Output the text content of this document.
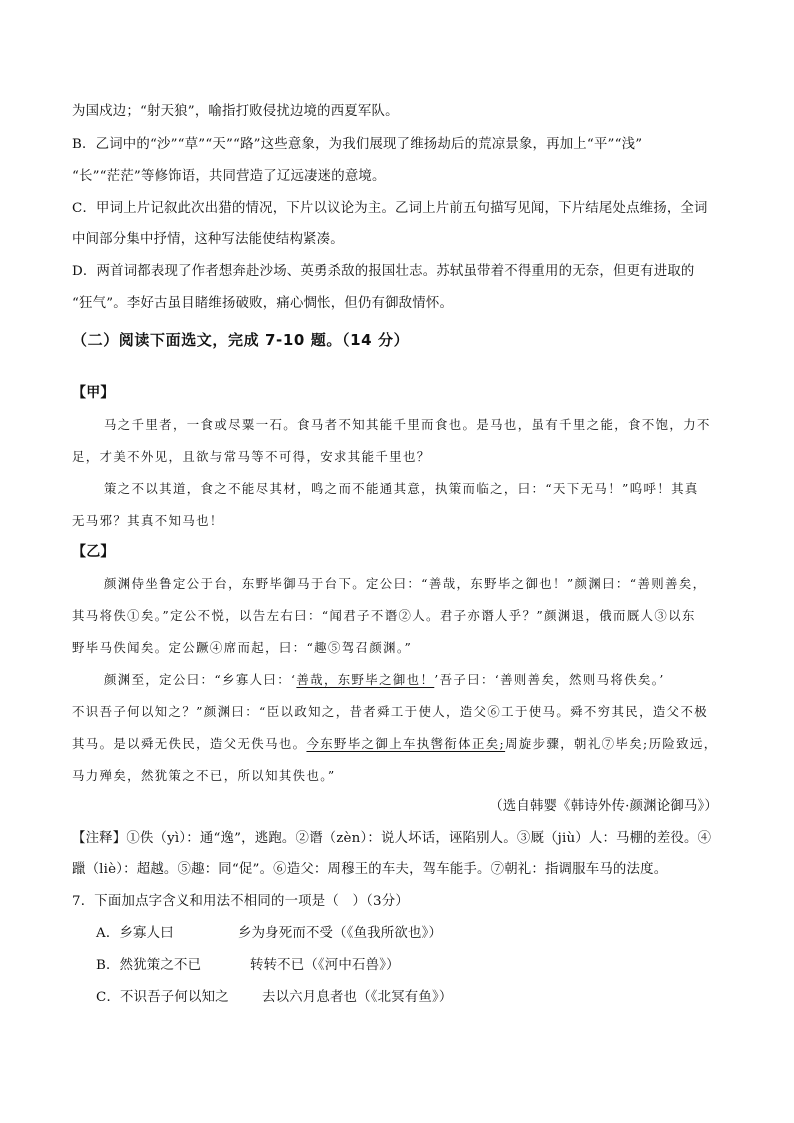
为国戍边；“射天狼”，喻指打败侵扰边境的西夏军队。
B．乙词中的“沙”“草”“天”“路”这些意象，为我们展现了维扬劫后的荒凉景象，再加上“平”“浅”
“长”“茫茫”等修饰语，共同营造了辽远凄迷的意境。
C．甲词上片记叙此次出猎的情况，下片以议论为主。乙词上片前五句描写见闻，下片结尾处点维扬，全词
中间部分集中抒情，这种写法能使结构紧凑。
D．两首词都表现了作者想奔赴沙场、英勇杀敌的报国壮志。苏轼虽带着不得重用的无奈，但更有进取的
“狂气”。李好古虽目睹维扬破败，痛心惆怅，但仍有御敌情怀。
（二）阅读下面选文，完成 7-10 题。（14 分）
【甲】
马之千里者，一食或尽粟一石。食马者不知其能千里而食也。是马也，虽有千里之能，食不饱，力不
足，才美不外见，且欲与常马等不可得，安求其能千里也？
策之不以其道，食之不能尽其材，鸣之而不能通其意，执策而临之，曰：“天下无马！”呜呼！其真
无马邪？其真不知马也！
【乙】
颜渊侍坐鲁定公于台，东野毕御马于台下。定公曰：“善哉，东野毕之御也！”颜渊曰：“善则善矣，
其马将佚①矣。”定公不悦，以告左右曰：“闻君子不谮②人。君子亦谮人乎？”颜渊退，俄而厩人③以东
野毕马佚闻矣。定公蹶④席而起，曰：“趣⑤驾召颜渊。”
颜渊至，定公曰：“乡寡人曰：‘善哉，东野毕之御也！’吾子曰：‘善则善矣，然则马将佚矣。’
不识吾子何以知之？”颜渊曰：“臣以政知之，昔者舜工于使人，造父⑥工于使马。舜不穷其民，造父不极
其马。是以舜无佚民，造父无佚马也。今东野毕之御上车执辔衔体正矣;周旋步骤，朝礼⑦毕矣;历险致远，
马力殚矣，然犹策之不已，所以知其佚也。”
（选自韩婴《韩诗外传·颜渊论御马》）
【注释】①佚（yì）：通“逸”，逃跑。②谮（zèn）：说人坏话，诬陷别人。③厩（jiù）人：马棚的差役。④
躐（liè）：超越。⑤趣：同“促”。⑥造父：周穆王的车夫，驾车能手。⑦朝礼：指调服车马的法度。
7．下面加点字含义和用法不相同的一项是（　）（3分）
A．乡寡人曰	乡为身死而不受（《鱼我所欲也》）
B．然犹策之不已	转转不已（《河中石兽》）
C．不识吾子何以知之 去以六月息者也（《北冥有鱼》）
